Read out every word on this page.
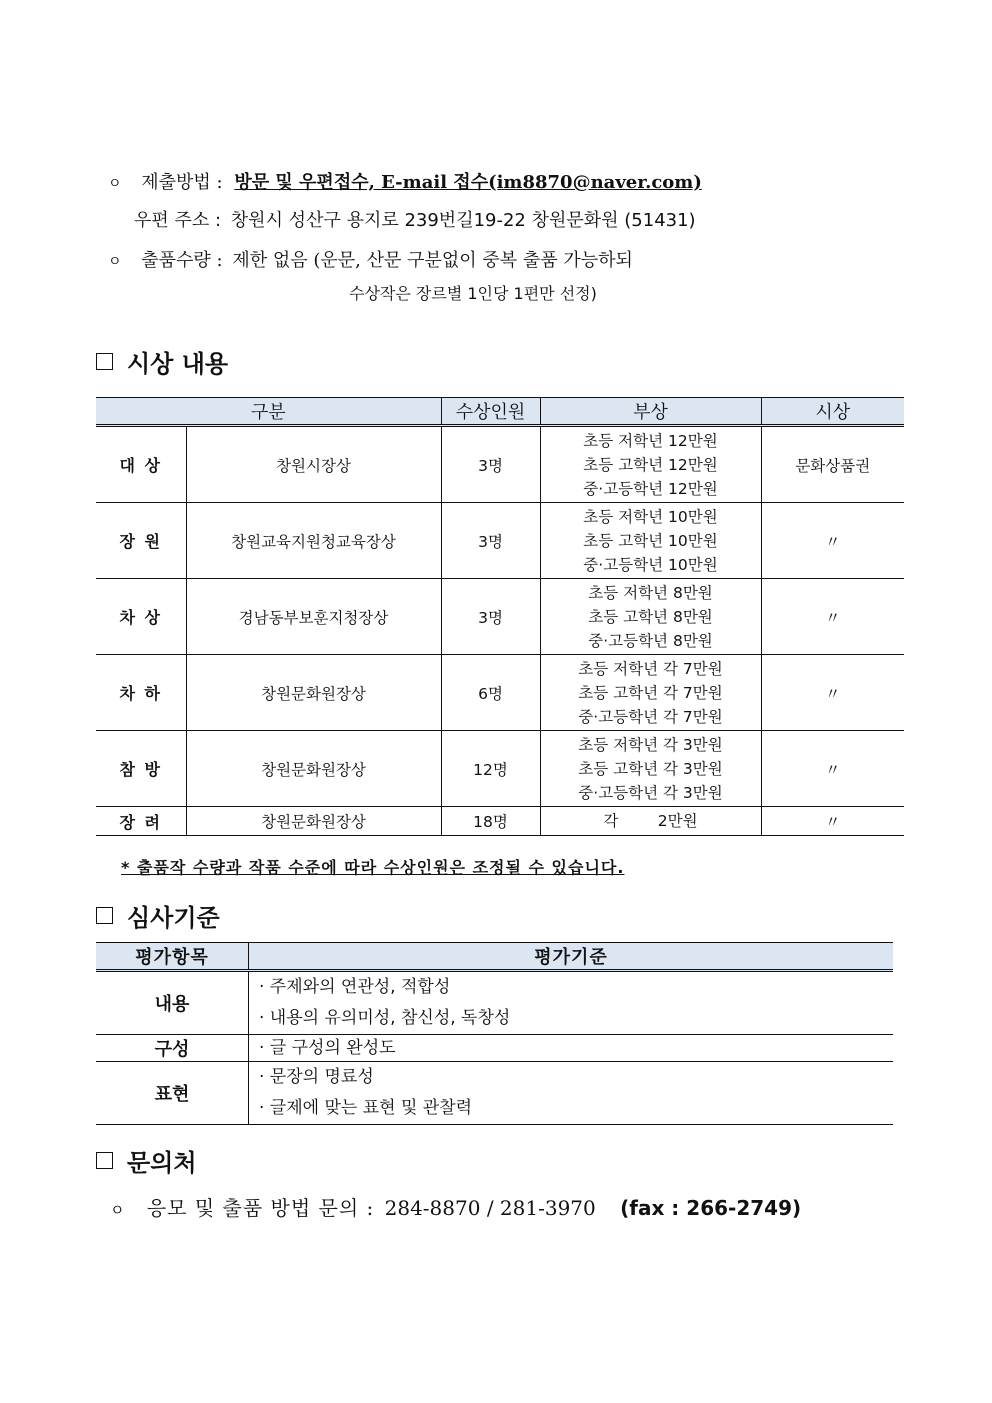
ㅇ 제출방법 : 방문 및 우편접수, E-mail 접수(im8870@naver.com)
우편 주소 : 창원시 성산구 용지로 239번길19-22 창원문화원 (51431)
ㅇ 출품수량 : 제한 없음 (운문, 산문 구분없이 중복 출품 가능하되
수상작은 장르별 1인당 1편만 선정)
시상 내용
구분		수상인원	부상	시상
대 상	창원시장상	3명	초등 저학년 12만원
초등 고학년 12만원
중·고등학년 12만원	문화상품권
장 원	창원교육지원청교육장상	3명	초등 저학년 10만원
초등 고학년 10만원
중·고등학년 10만원	〃
차 상	경남동부보훈지청장상	3명	초등 저학년 8만원
초등 고학년 8만원
중·고등학년 8만원	〃
차 하	창원문화원장상	6명	초등 저학년 각 7만원
초등 고학년 각 7만원
중·고등학년 각 7만원	〃
참 방	창원문화원장상	12명	초등 저학년 각 3만원
초등 고학년 각 3만원
중·고등학년 각 3만원	〃
장 려	창원문화원장상	18명	각        2만원	〃
* 출품작 수량과 작품 수준에 따라 수상인원은 조정될 수 있습니다.
심사기준
평가항목	평가기준
내용	· 주제와의 연관성, 적합성
· 내용의 유의미성, 참신성, 독창성

구성	· 글 구성의 완성도

표현	· 문장의 명료성
· 글제에 맞는 표현 및 관찰력
문의처
ㅇ 응모 및 출품 방법 문의 : 284-8870 / 281-3970 (fax : 266-2749)
